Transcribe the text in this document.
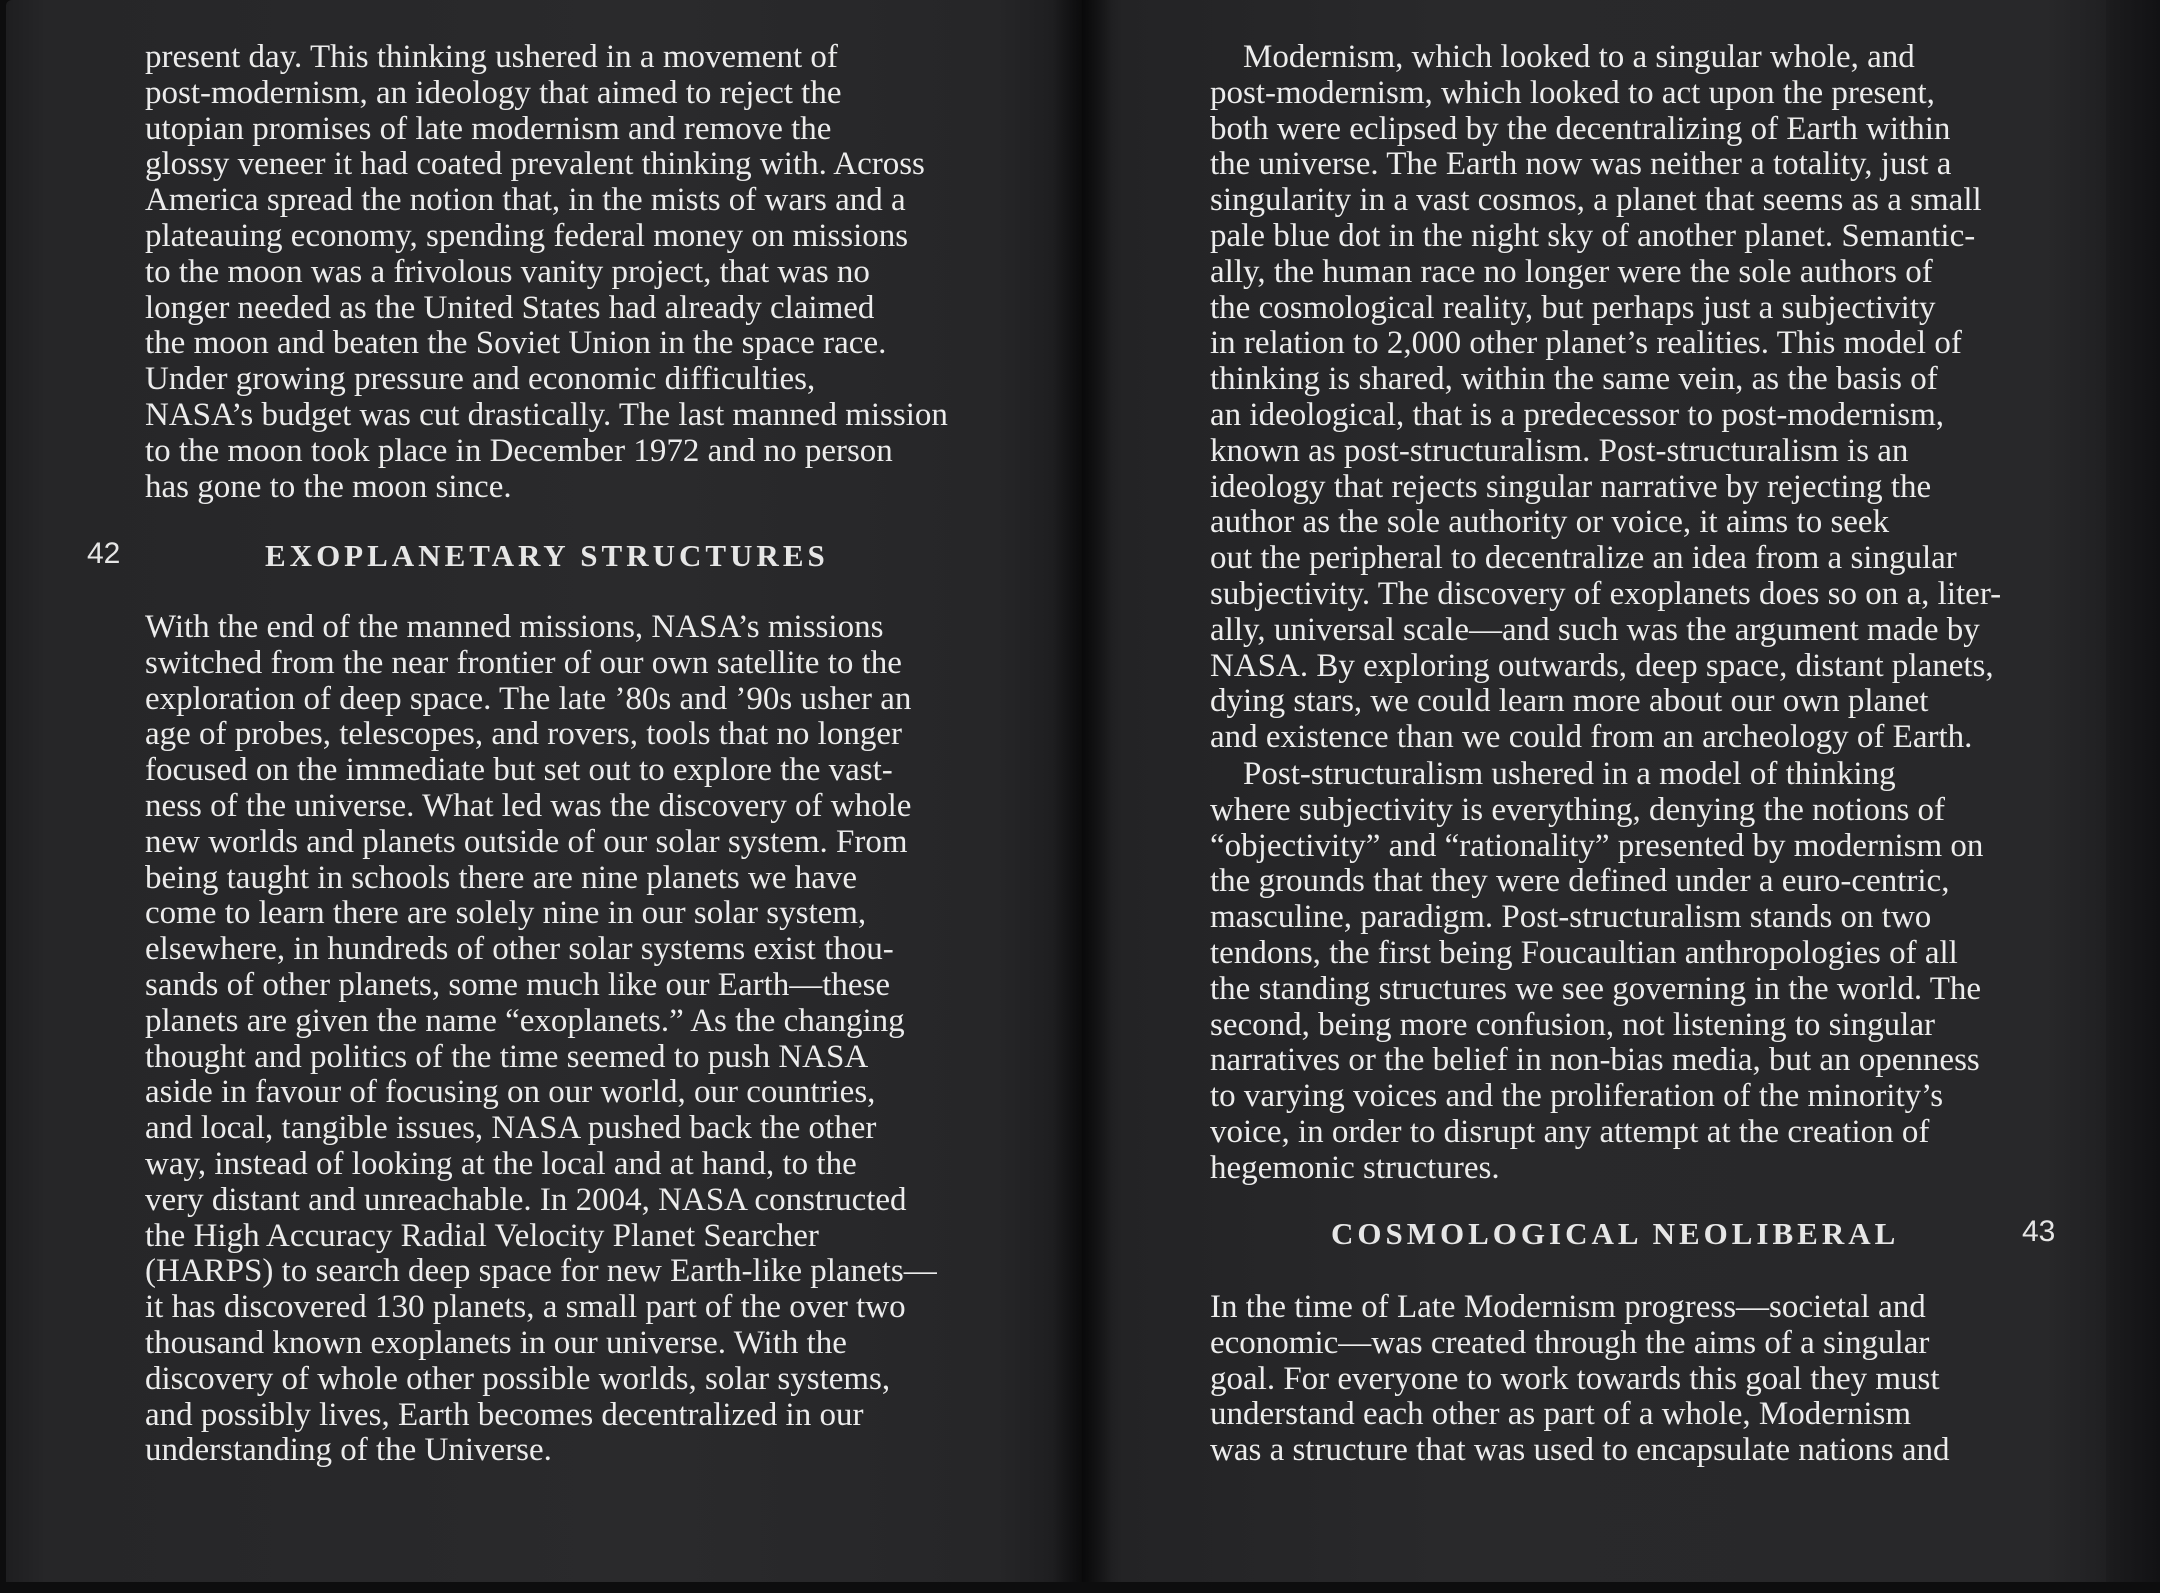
present day. This thinking ushered in a movement of
post-modernism, an ideology that aimed to reject the
utopian promises of late modernism and remove the
glossy veneer it had coated prevalent thinking with. Across
America spread the notion that, in the mists of wars and a
plateauing economy, spending federal money on missions
to the moon was a frivolous vanity project, that was no
longer needed as the United States had already claimed
the moon and beaten the Soviet Union in the space race.
Under growing pressure and economic difficulties,
NASA’s budget was cut drastically. The last manned mission
to the moon took place in December 1972 and no person
has gone to the moon since.

42	EXOPLANETARY STRUCTURES

With the end of the manned missions, NASA’s missions
switched from the near frontier of our own satellite to the
exploration of deep space. The late ’80s and ’90s usher an
age of probes, telescopes, and rovers, tools that no longer
focused on the immediate but set out to explore the vast-
ness of the universe. What led was the discovery of whole
new worlds and planets outside of our solar system. From
being taught in schools there are nine planets we have
come to learn there are solely nine in our solar system,
elsewhere, in hundreds of other solar systems exist thou-
sands of other planets, some much like our Earth—these
planets are given the name “exoplanets.” As the changing
thought and politics of the time seemed to push NASA
aside in favour of focusing on our world, our countries,
and local, tangible issues, NASA pushed back the other
way, instead of looking at the local and at hand, to the
very distant and unreachable. In 2004, NASA constructed
the High Accuracy Radial Velocity Planet Searcher
(HARPS) to search deep space for new Earth-like planets—
it has discovered 130 planets, a small part of the over two
thousand known exoplanets in our universe. With the
discovery of whole other possible worlds, solar systems,
and possibly lives, Earth becomes decentralized in our
understanding of the Universe.

Modernism, which looked to a singular whole, and
post-modernism, which looked to act upon the present,
both were eclipsed by the decentralizing of Earth within
the universe. The Earth now was neither a totality, just a
singularity in a vast cosmos, a planet that seems as a small
pale blue dot in the night sky of another planet. Semantic-
ally, the human race no longer were the sole authors of
the cosmological reality, but perhaps just a subjectivity
in relation to 2,000 other planet’s realities. This model of
thinking is shared, within the same vein, as the basis of
an ideological, that is a predecessor to post-modernism,
known as post-structuralism. Post-structuralism is an
ideology that rejects singular narrative by rejecting the
author as the sole authority or voice, it aims to seek
out the peripheral to decentralize an idea from a singular
subjectivity. The discovery of exoplanets does so on a, liter-
ally, universal scale—and such was the argument made by
NASA. By exploring outwards, deep space, distant planets,
dying stars, we could learn more about our own planet
and existence than we could from an archeology of Earth.

Post-structuralism ushered in a model of thinking
where subjectivity is everything, denying the notions of
“objectivity” and “rationality” presented by modernism on
the grounds that they were defined under a euro-centric,
masculine, paradigm. Post-structuralism stands on two
tendons, the first being Foucaultian anthropologies of all
the standing structures we see governing in the world. The
second, being more confusion, not listening to singular
narratives or the belief in non-bias media, but an openness
to varying voices and the proliferation of the minority’s
voice, in order to disrupt any attempt at the creation of
hegemonic structures.

COSMOLOGICAL NEOLIBERAL	43

In the time of Late Modernism progress—societal and
economic—was created through the aims of a singular
goal. For everyone to work towards this goal they must
understand each other as part of a whole, Modernism
was a structure that was used to encapsulate nations and
